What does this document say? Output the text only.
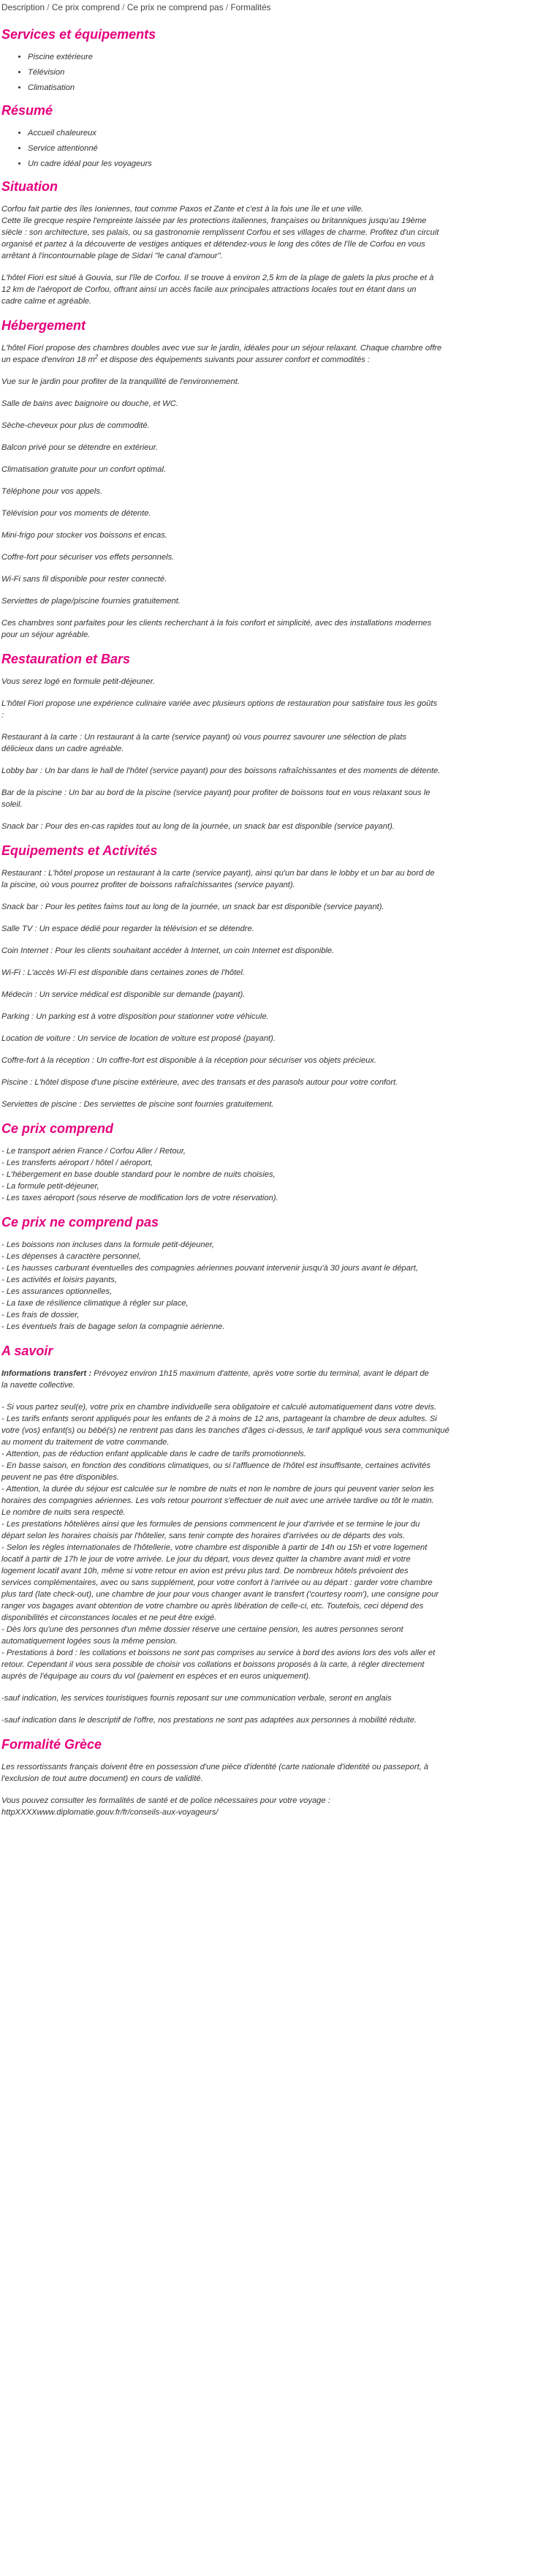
Description / Ce prix comprend / Ce prix ne comprend pas / Formalités
Services et équipements
• Piscine extérieure
• Télévision
• Climatisation
Résumé
• Accueil chaleureux
• Service attentionné
• Un cadre idéal pour les voyageurs
Situation

Corfou fait partie des îles Ioniennes, tout comme Paxos et Zante et c'est à la fois une île et une ville.
Cette île grecque respire l'empreinte laissée par les protections italiennes, françaises ou britanniques jusqu'au 19ème
siècle : son architecture, ses palais, ou sa gastronomie remplissent Corfou et ses villages de charme. Profitez d'un circuit
organisé et partez à la découverte de vestiges antiques et détendez-vous le long des côtes de l'île de Corfou en vous
arrêtant à l'incontournable plage de Sidari "le canal d'amour".

L'hôtel Fiori est situé à Gouvia, sur l'île de Corfou. Il se trouve à environ 2,5 km de la plage de galets la plus proche et à
12 km de l'aéroport de Corfou, offrant ainsi un accès facile aux principales attractions locales tout en étant dans un
cadre calme et agréable.

Hébergement

L'hôtel Fiori propose des chambres doubles avec vue sur le jardin, idéales pour un séjour relaxant. Chaque chambre offre
un espace d'environ 18 $m^2$ et dispose des équipements suivants pour assurer confort et commodités :

Vue sur le jardin pour profiter de la tranquillité de l'environnement.

Salle de bains avec baignoire ou douche, et WC.

Sèche-cheveux pour plus de commodité.

Balcon privé pour se détendre en extérieur.

Climatisation gratuite pour un confort optimal.

Téléphone pour vos appels.

Télévision pour vos moments de détente.

Mini-frigo pour stocker vos boissons et encas.

Coffre-fort pour sécuriser vos effets personnels.

Wi-Fi sans fil disponible pour rester connecté.

Serviettes de plage/piscine fournies gratuitement.

Ces chambres sont parfaites pour les clients recherchant à la fois confort et simplicité, avec des installations modernes
pour un séjour agréable.

Restauration et Bars

Vous serez logé en formule petit-déjeuner.

L'hôtel Fiori propose une expérience culinaire variée avec plusieurs options de restauration pour satisfaire tous les goûts
:

Restaurant à la carte : Un restaurant à la carte (service payant) où vous pourrez savourer une sélection de plats
délicieux dans un cadre agréable.

Lobby bar : Un bar dans le hall de l'hôtel (service payant) pour des boissons rafraîchissantes et des moments de détente.

Bar de la piscine : Un bar au bord de la piscine (service payant) pour profiter de boissons tout en vous relaxant sous le
soleil.

Snack bar : Pour des en-cas rapides tout au long de la journée, un snack bar est disponible (service payant).

Equipements et Activités

Restaurant : L'hôtel propose un restaurant à la carte (service payant), ainsi qu'un bar dans le lobby et un bar au bord de
la piscine, où vous pourrez profiter de boissons rafraîchissantes (service payant).

Snack bar : Pour les petites faims tout au long de la journée, un snack bar est disponible (service payant).

Salle TV : Un espace dédié pour regarder la télévision et se détendre.

Coin Internet : Pour les clients souhaitant accéder à Internet, un coin Internet est disponible.

Wi-Fi : L'accès Wi-Fi est disponible dans certaines zones de l'hôtel.

Médecin : Un service médical est disponible sur demande (payant).

Parking : Un parking est à votre disposition pour stationner votre véhicule.

Location de voiture : Un service de location de voiture est proposé (payant).

Coffre-fort à la réception : Un coffre-fort est disponible à la réception pour sécuriser vos objets précieux.

Piscine : L'hôtel dispose d'une piscine extérieure, avec des transats et des parasols autour pour votre confort.

Serviettes de piscine : Des serviettes de piscine sont fournies gratuitement.

Ce prix comprend

- Le transport aérien France / Corfou Aller / Retour,
- Les transferts aéroport / hôtel / aéroport,
- L'hébergement en base double standard pour le nombre de nuits choisies,
- La formule petit-déjeuner,
- Les taxes aéroport (sous réserve de modification lors de votre réservation).

Ce prix ne comprend pas

- Les boissons non incluses dans la formule petit-déjeuner,
- Les dépenses à caractère personnel,
- Les hausses carburant éventuelles des compagnies aériennes pouvant intervenir jusqu'à 30 jours avant le départ,
- Les activités et loisirs payants,
- Les assurances optionnelles,
- La taxe de résilience climatique à régler sur place,
- Les frais de dossier,
- Les éventuels frais de bagage selon la compagnie aérienne.

A savoir

Informations transfert : Prévoyez environ 1h15 maximum d'attente, après votre sortie du terminal, avant le départ de
la navette collective.

- Si vous partez seul(e), votre prix en chambre individuelle sera obligatoire et calculé automatiquement dans votre devis.
- Les tarifs enfants seront appliqués pour les enfants de 2 à moins de 12 ans, partageant la chambre de deux adultes. Si
votre (vos) enfant(s) ou bébé(s) ne rentrent pas dans les tranches d'âges ci-dessus, le tarif appliqué vous sera communiqué
au moment du traitement de votre commande.
- Attention, pas de réduction enfant applicable dans le cadre de tarifs promotionnels.
- En basse saison, en fonction des conditions climatiques, ou si l'affluence de l'hôtel est insuffisante, certaines activités
peuvent ne pas être disponibles.
- Attention, la durée du séjour est calculée sur le nombre de nuits et non le nombre de jours qui peuvent varier selon les
horaires des compagnies aériennes. Les vols retour pourront s'effectuer de nuit avec une arrivée tardive ou tôt le matin.
Le nombre de nuits sera respecté.
- Les prestations hôtelières ainsi que les formules de pensions commencent le jour d'arrivée et se termine le jour du
départ selon les horaires choisis par l'hôtelier, sans tenir compte des horaires d'arrivées ou de départs des vols.
- Selon les règles internationales de l'hôtellerie, votre chambre est disponible à partir de 14h ou 15h et votre logement
locatif à partir de 17h le jour de votre arrivée. Le jour du départ, vous devez quitter la chambre avant midi et votre
logement locatif avant 10h, même si votre retour en avion est prévu plus tard. De nombreux hôtels prévoient des
services complémentaires, avec ou sans supplément, pour votre confort à l'arrivée ou au départ : garder votre chambre
plus tard (late check-out), une chambre de jour pour vous changer avant le transfert ('courtesy room'), une consigne pour
ranger vos bagages avant obtention de votre chambre ou après libération de celle-ci, etc. Toutefois, ceci dépend des
disponibilités et circonstances locales et ne peut être exigé.
- Dès lors qu'une des personnes d'un même dossier réserve une certaine pension, les autres personnes seront
automatiquement logées sous la même pension.
- Prestations à bord : les collations et boissons ne sont pas comprises au service à bord des avions lors des vols aller et
retour. Cependant il vous sera possible de choisir vos collations et boissons proposés à la carte, à régler directement
auprès de l'équipage au cours du vol (paiement en espèces et en euros uniquement).

-sauf indication, les services touristiques fournis reposant sur une communication verbale, seront en anglais

-sauf indication dans le descriptif de l'offre, nos prestations ne sont pas adaptées aux personnes à mobilité réduite.

Formalité Grèce

Les ressortissants français doivent être en possession d'une pièce d'identité (carte nationale d'identité ou passeport, à
l'exclusion de tout autre document) en cours de validité.

Vous pouvez consulter les formalités de santé et de police nécessaires pour votre voyage :
httpXXXXwww.diplomatie.gouv.fr/fr/conseils-aux-voyageurs/
